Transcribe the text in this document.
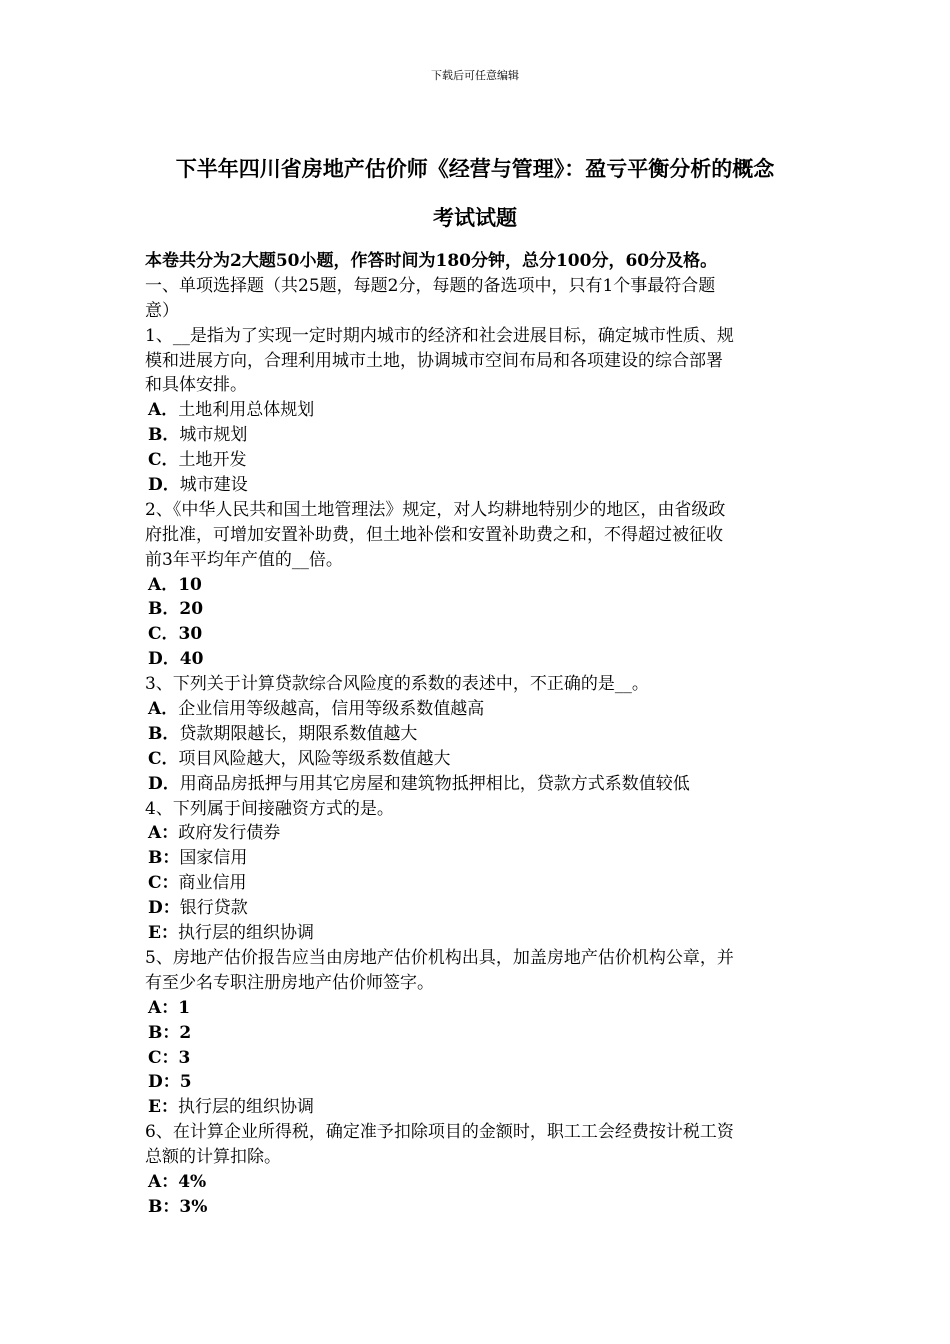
下载后可任意编辑
下半年四川省房地产估价师《经营与管理》：盈亏平衡分析的概念
考试试题
本卷共分为2大题50小题，作答时间为180分钟，总分100分，60分及格。
一、单项选择题（共25题，每题2分，每题的备选项中，只有1个事最符合题
意）
1、__是指为了实现一定时期内城市的经济和社会进展目标，确定城市性质、规
模和进展方向，合理利用城市土地，协调城市空间布局和各项建设的综合部署
和具体安排。
A．土地利用总体规划
B．城市规划
C．土地开发
D．城市建设
2、《中华人民共和国土地管理法》规定，对人均耕地特别少的地区，由省级政
府批准，可增加安置补助费，但土地补偿和安置补助费之和，不得超过被征收
前3年平均年产值的__倍。
A．10
B．20
C．30
D．40
3、下列关于计算贷款综合风险度的系数的表述中，不正确的是__。
A．企业信用等级越高，信用等级系数值越高
B．贷款期限越长，期限系数值越大
C．项目风险越大，风险等级系数值越大
D．用商品房抵押与用其它房屋和建筑物抵押相比，贷款方式系数值较低
4、下列属于间接融资方式的是。
A：政府发行债券
B：国家信用
C：商业信用
D：银行贷款
E：执行层的组织协调
5、房地产估价报告应当由房地产估价机构出具，加盖房地产估价机构公章，并
有至少名专职注册房地产估价师签字。
A：1
B：2
C：3
D：5
E：执行层的组织协调
6、在计算企业所得税，确定准予扣除项目的金额时，职工工会经费按计税工资
总额的计算扣除。
A：4%
B：3%
